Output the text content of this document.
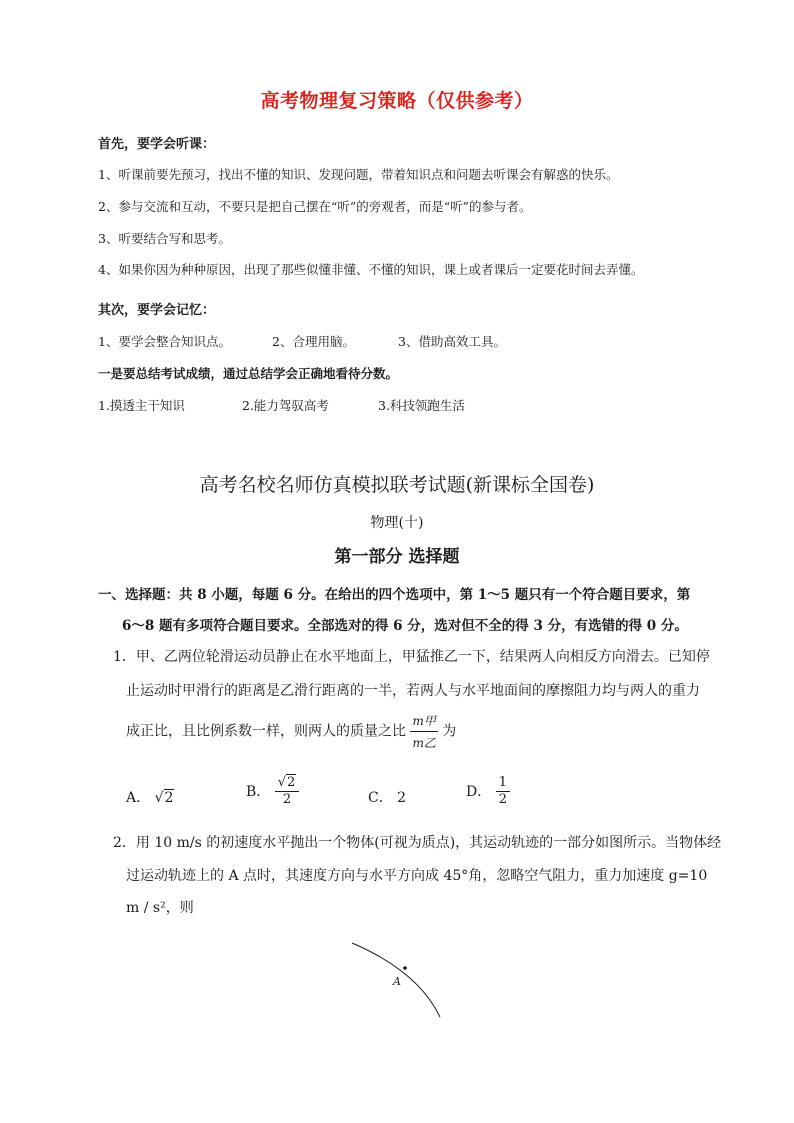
高考物理复习策略（仅供参考）
首先，要学会听课：
1、听课前要先预习，找出不懂的知识、发现问题，带着知识点和问题去听课会有解惑的快乐。
2、参与交流和互动，不要只是把自己摆在“听”的旁观者，而是“听”的参与者。
3、听要结合写和思考。
4、如果你因为种种原因，出现了那些似懂非懂、不懂的知识，课上或者课后一定要花时间去弄懂。
其次，要学会记忆：
1、要学会整合知识点。	2、合理用脑。	3、借助高效工具。
一是要总结考试成绩，通过总结学会正确地看待分数。
1.摸透主干知识	2.能力驾驭高考	3.科技领跑生活
高考名校名师仿真模拟联考试题(新课标全国卷)
物理(十)
第一部分 选择题
一、选择题：共 8 小题，每题 6 分。在给出的四个选项中，第 1～5 题只有一个符合题目要求，第
6～8 题有多项符合题目要求。全部选对的得 6 分，选对但不全的得 3 分，有选错的得 0 分。
1．甲、乙两位轮滑运动员静止在水平地面上，甲猛推乙一下，结果两人向相反方向滑去。已知停
止运动时甲滑行的距离是乙滑行距离的一半，若两人与水平地面间的摩擦阻力均与两人的重力
成正比，且比例系数一样，则两人的质量之比 $\frac{\text{m甲}}{\text{m乙}}$ 为
A． √2	B． $\frac{√2}{2}$	C． 2	D． $\frac{1}{2}$
2．用 10 m/s 的初速度水平抛出一个物体(可视为质点)，其运动轨迹的一部分如图所示。当物体经
过运动轨迹上的 A 点时，其速度方向与水平方向成 45°角，忽略空气阻力，重力加速度 g=10
m / s²，则
A
